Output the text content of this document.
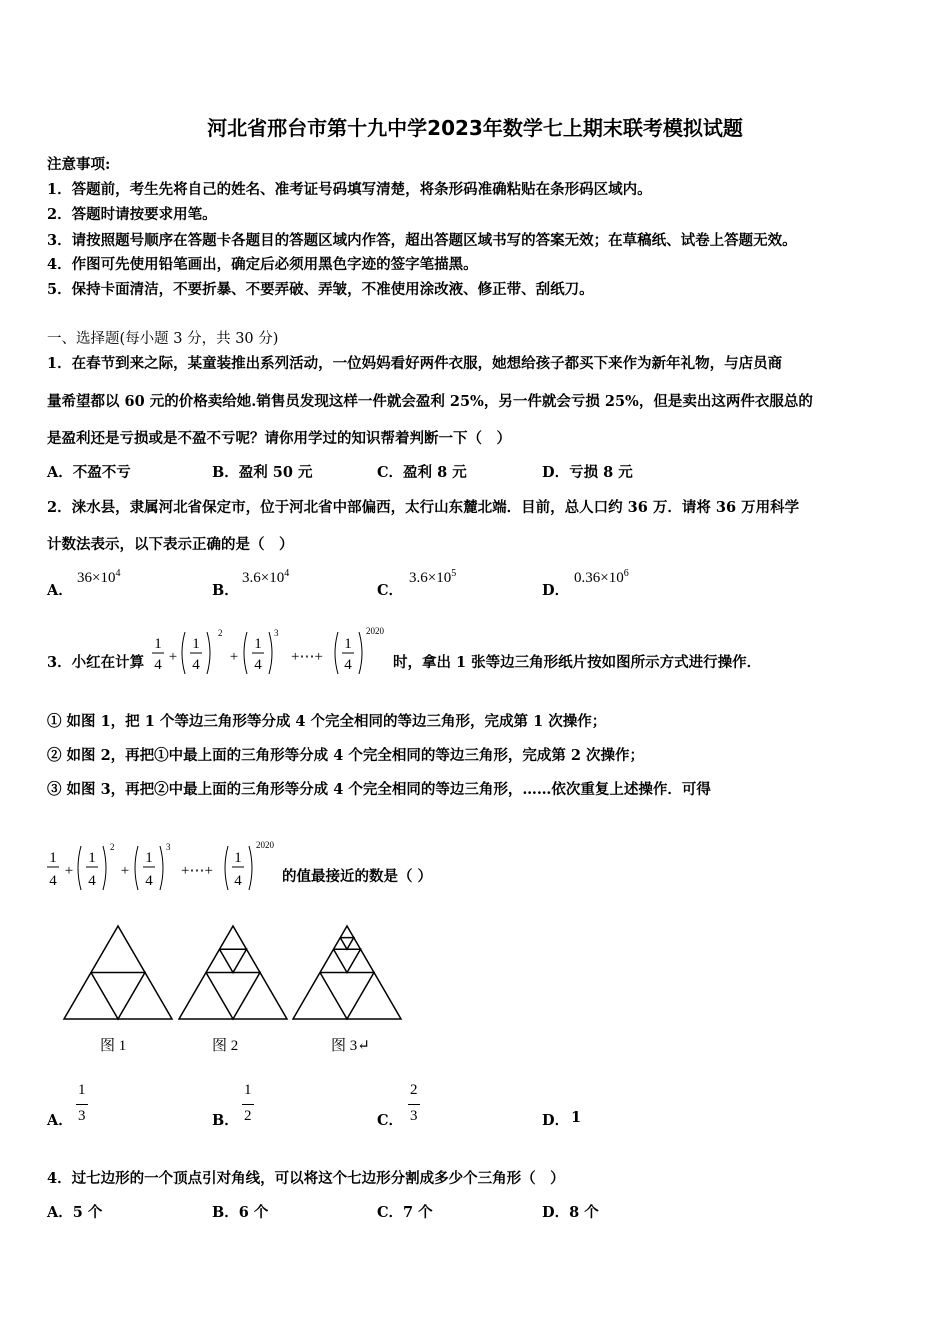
河北省邢台市第十九中学2023年数学七上期末联考模拟试题
注意事项:
1．答题前，考生先将自己的姓名、准考证号码填写清楚，将条形码准确粘贴在条形码区域内。
2．答题时请按要求用笔。
3．请按照题号顺序在答题卡各题目的答题区域内作答，超出答题区域书写的答案无效；在草稿纸、试卷上答题无效。
4．作图可先使用铅笔画出，确定后必须用黑色字迹的签字笔描黑。
5．保持卡面清洁，不要折暴、不要弄破、弄皱，不准使用涂改液、修正带、刮纸刀。
一、选择题(每小题 3 分，共 30 分)
1．在春节到来之际，某童装推出系列活动，一位妈妈看好两件衣服，她想给孩子都买下来作为新年礼物，与店员商
量希望都以 60 元的价格卖给她.销售员发现这样一件就会盈利 25%，另一件就会亏损 25%，但是卖出这两件衣服总的
是盈利还是亏损或是不盈不亏呢？请你用学过的知识帮着判断一下（　）
A．不盈不亏	B．盈利 50 元	C．盈利 8 元	D．亏损 8 元
2．涞水县，隶属河北省保定市，位于河北省中部偏西，太行山东麓北端．目前，总人口约 36 万．请将 36 万用科学
计数法表示，以下表示正确的是（　）
A．
$36\times 10^4$
B．
$3.6\times 10^4$
C．
$3.6\times 10^5$
D．
$0.36\times 10^6$
3．小红在计算
1
4 +
1
4
2
+
1
4
3
+⋯+
1
4
2020
时，拿出 1 张等边三角形纸片按如图所示方式进行操作．
① 如图 1，把 1 个等边三角形等分成 4 个完全相同的等边三角形，完成第 1 次操作；
② 如图 2，再把①中最上面的三角形等分成 4 个完全相同的等边三角形，完成第 2 次操作；
③ 如图 3，再把②中最上面的三角形等分成 4 个完全相同的等边三角形，……依次重复上述操作．可得
1
4
+
1
4
2
+
1
4
3
+⋯+
1
4
2020
的值最接近的数是（ ）
图 1	图 2	图 3↵
A．
1
3	B．
1
2	C．
2
3	D． 1
4．过七边形的一个顶点引对角线，可以将这个七边形分割成多少个三角形（　）
A．5 个	B．6 个	C．7 个	D．8 个
